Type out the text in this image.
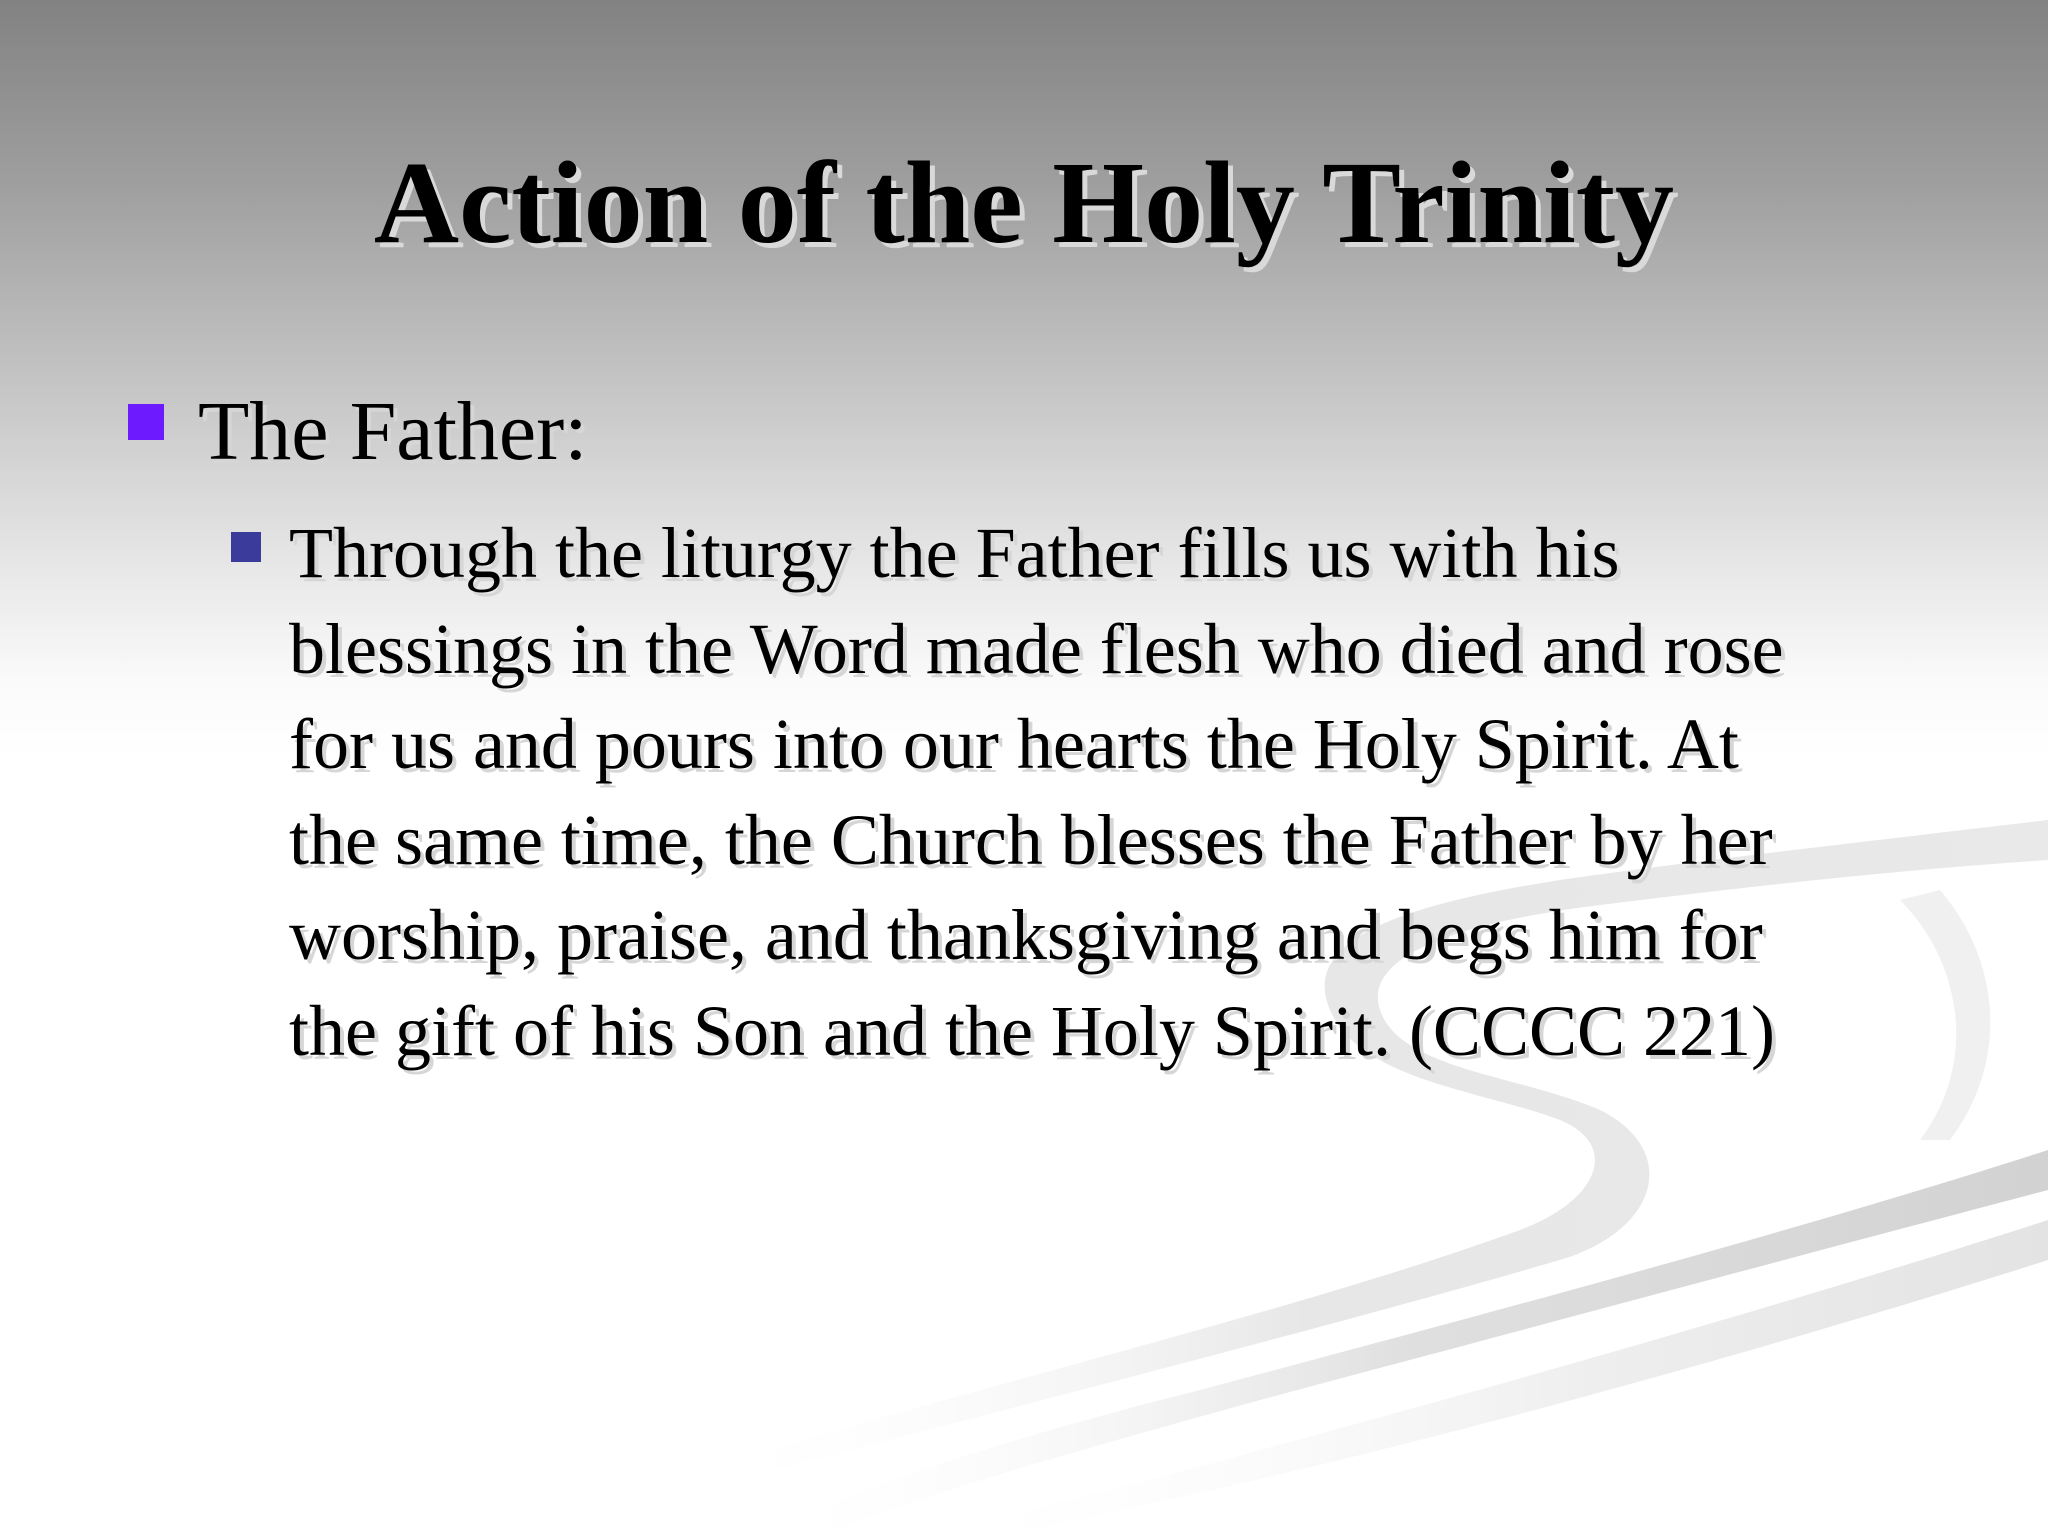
Action of the Holy Trinity
The Father:
Through the liturgy the Father fills us with his
blessings in the Word made flesh who died and rose
for us and pours into our hearts the Holy Spirit. At
the same time, the Church blesses the Father by her
worship, praise, and thanksgiving and begs him for
the gift of his Son and the Holy Spirit. (CCCC 221)
